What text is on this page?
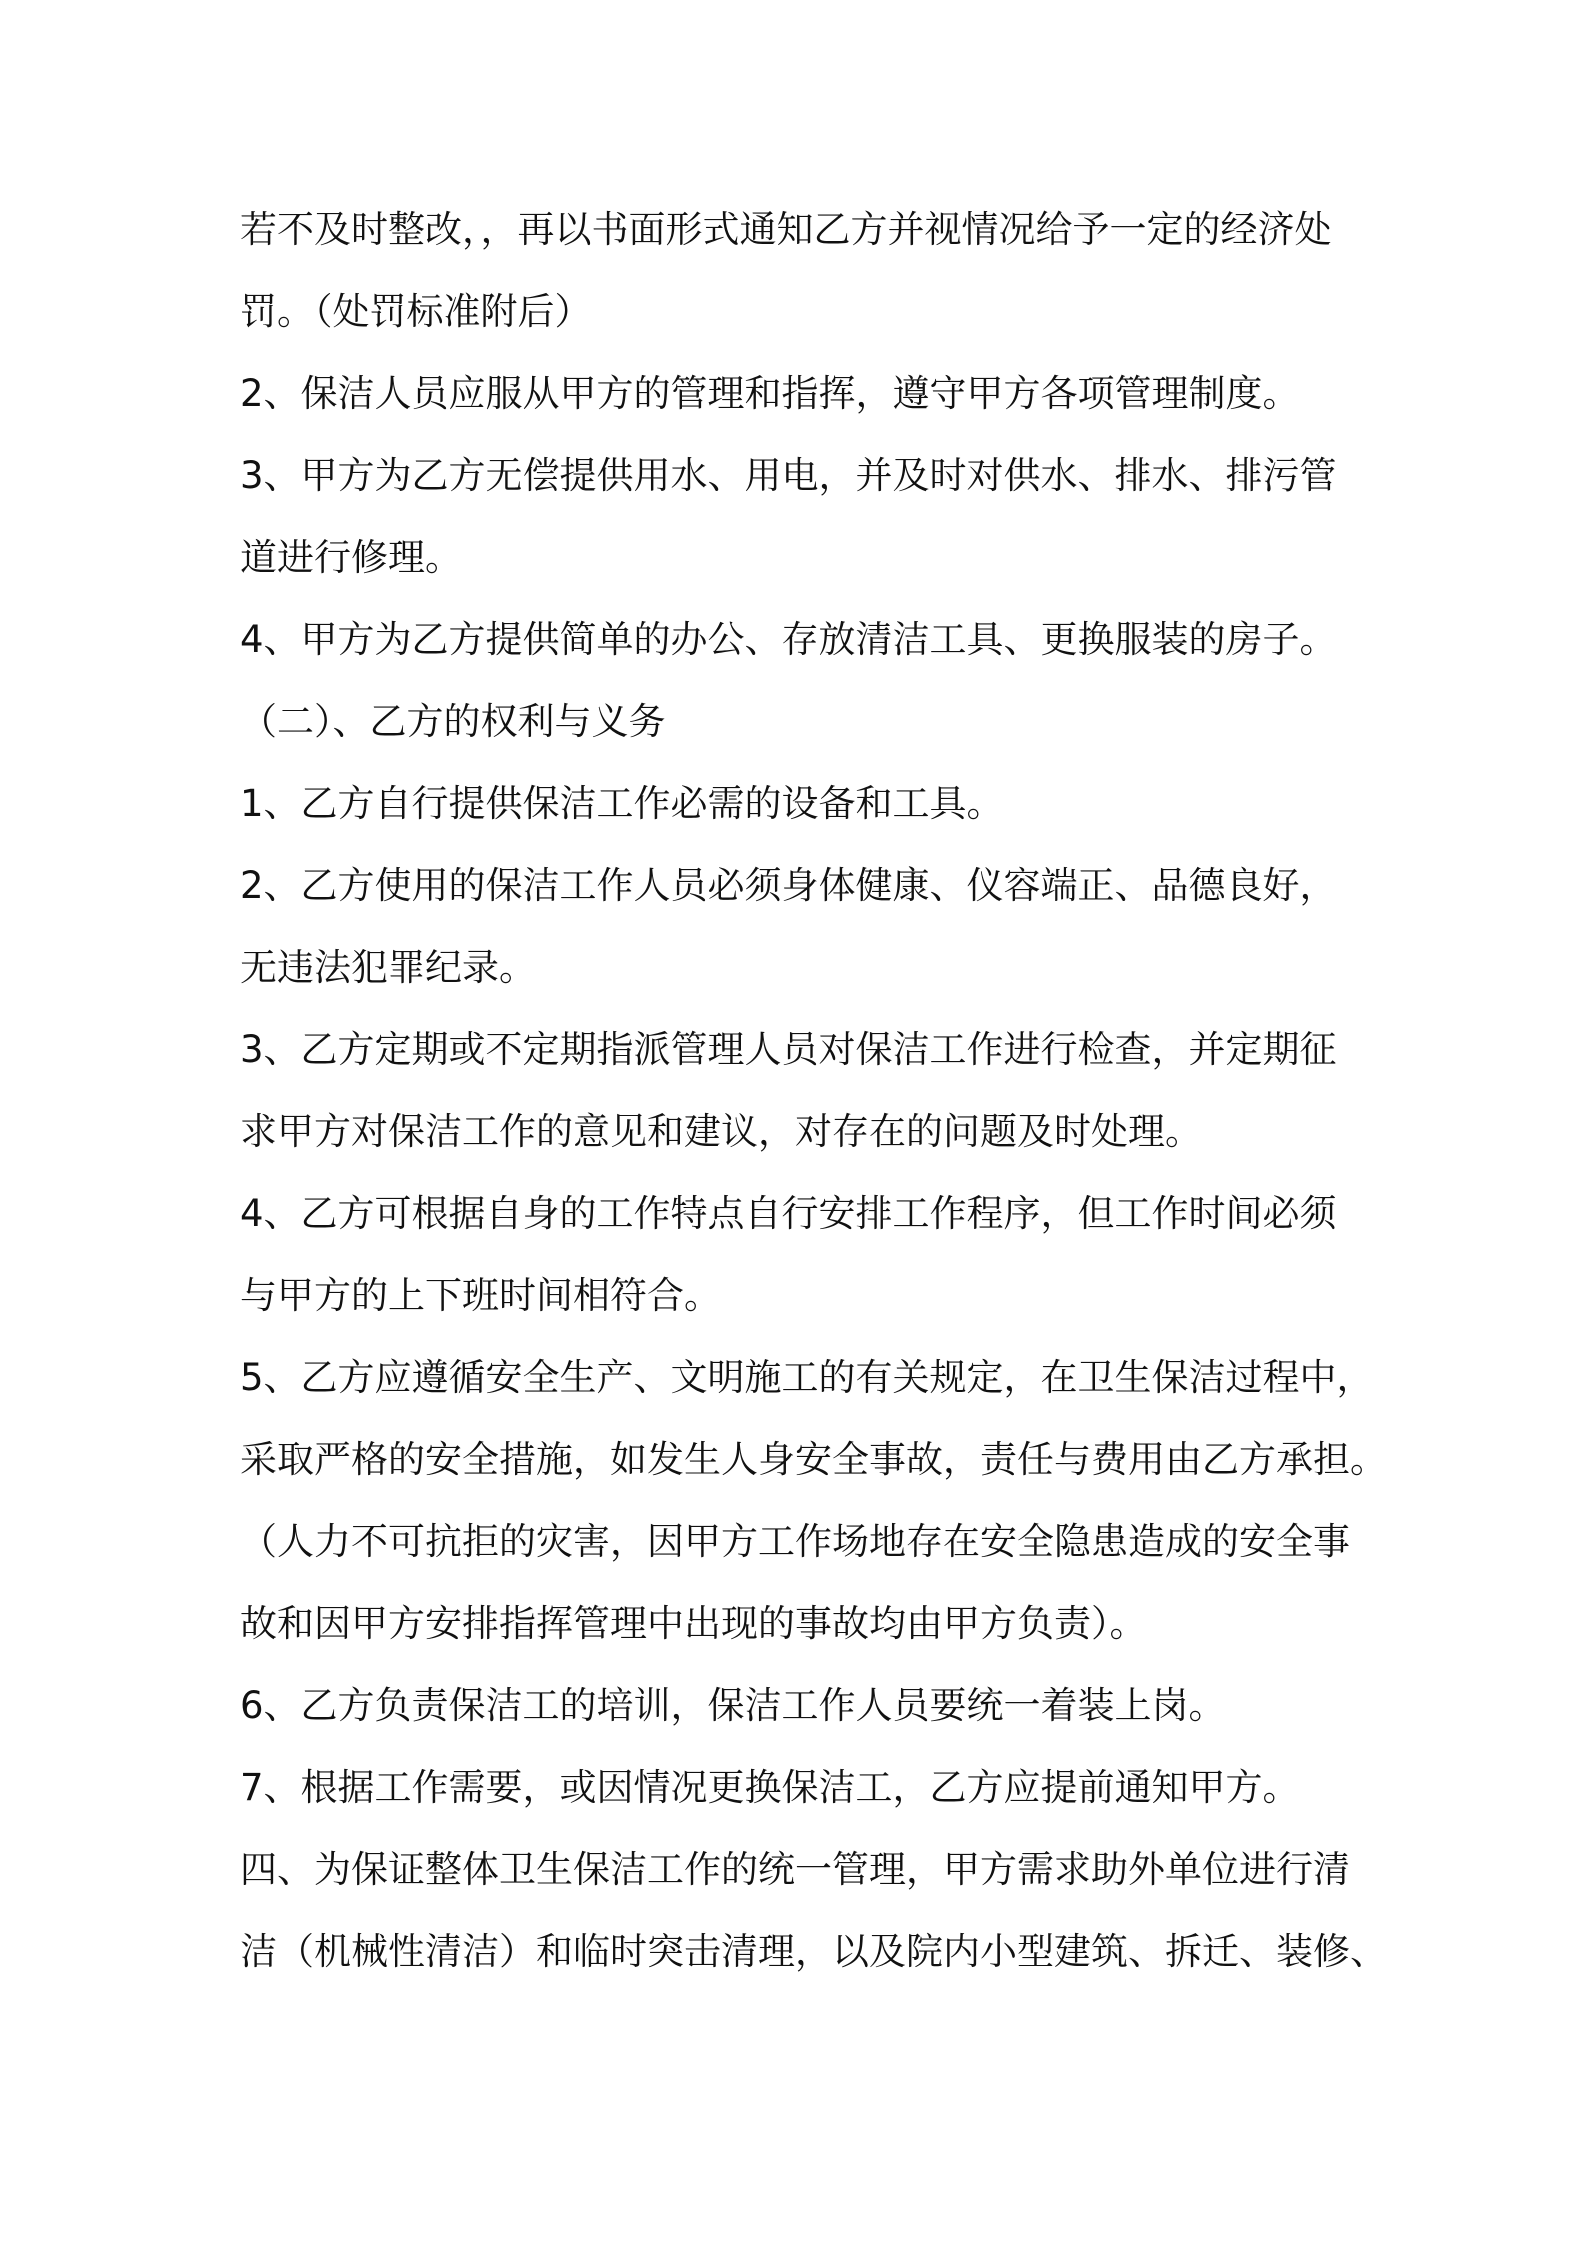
若不及时整改，，再以书面形式通知乙方并视情况给予一定的经济处
罚。（处罚标准附后）
2、保洁人员应服从甲方的管理和指挥，遵守甲方各项管理制度。
3、甲方为乙方无偿提供用水、用电，并及时对供水、排水、排污管
道进行修理。
4、甲方为乙方提供简单的办公、存放清洁工具、更换服装的房子。
（二）、乙方的权利与义务
1、乙方自行提供保洁工作必需的设备和工具。
2、乙方使用的保洁工作人员必须身体健康、仪容端正、品德良好，
无违法犯罪纪录。
3、乙方定期或不定期指派管理人员对保洁工作进行检查，并定期征
求甲方对保洁工作的意见和建议，对存在的问题及时处理。
4、乙方可根据自身的工作特点自行安排工作程序，但工作时间必须
与甲方的上下班时间相符合。
5、乙方应遵循安全生产、文明施工的有关规定，在卫生保洁过程中，
采取严格的安全措施，如发生人身安全事故，责任与费用由乙方承担。
（人力不可抗拒的灾害，因甲方工作场地存在安全隐患造成的安全事
故和因甲方安排指挥管理中出现的事故均由甲方负责）。
6、乙方负责保洁工的培训，保洁工作人员要统一着装上岗。
7、根据工作需要，或因情况更换保洁工，乙方应提前通知甲方。
四、为保证整体卫生保洁工作的统一管理，甲方需求助外单位进行清
洁（机械性清洁）和临时突击清理，以及院内小型建筑、拆迁、装修、
